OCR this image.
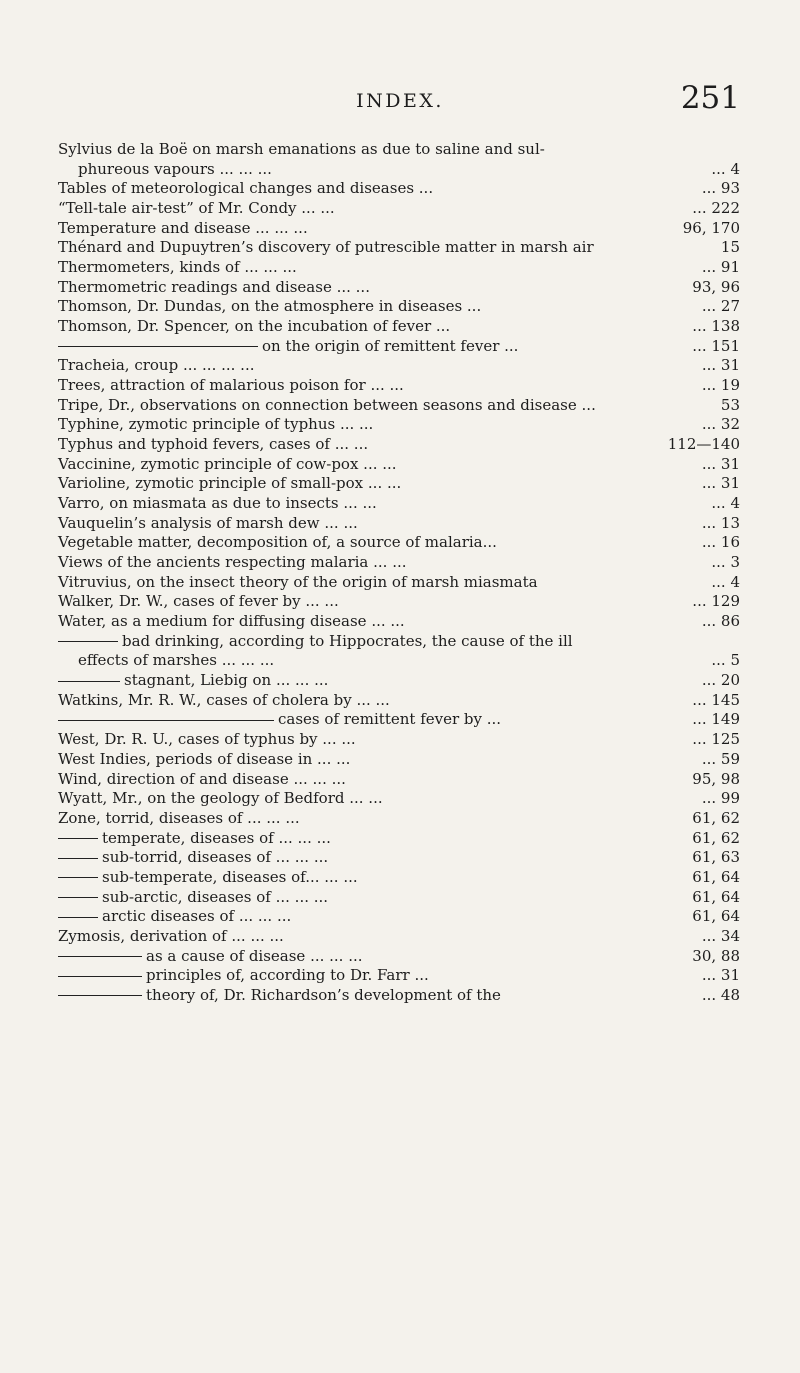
INDEX.	251
Sylvius de la Boë on marsh emanations as due to saline and sul-
phureous vapours ... ... ...	... 4
Tables of meteorological changes and diseases ...	... 93
“Tell-tale air-test” of Mr. Condy ... ...	... 222
Temperature and disease ... ... ...	96, 170
Thénard and Dupuytren’s discovery of putrescible matter in marsh air	15
Thermometers, kinds of ... ... ...	... 91
Thermometric readings and disease ... ...	93, 96
Thomson, Dr. Dundas, on the atmosphere in diseases ...	... 27
Thomson, Dr. Spencer, on the incubation of fever ...	... 138
on the origin of remittent fever ...	... 151
Tracheia, croup ... ... ... ...	... 31
Trees, attraction of malarious poison for ... ...	... 19
Tripe, Dr., observations on connection between seasons and disease ...	53
Typhine, zymotic principle of typhus ... ...	... 32
Typhus and typhoid fevers, cases of ... ...	112—140
Vaccinine, zymotic principle of cow-pox ... ...	... 31
Varioline, zymotic principle of small-pox ... ...	... 31
Varro, on miasmata as due to insects ... ...	... 4
Vauquelin’s analysis of marsh dew ... ...	... 13
Vegetable matter, decomposition of, a source of malaria...	... 16
Views of the ancients respecting malaria ... ...	... 3
Vitruvius, on the insect theory of the origin of marsh miasmata	... 4
Walker, Dr. W., cases of fever by ... ...	... 129
Water, as a medium for diffusing disease ... ...	... 86
bad drinking, according to Hippocrates, the cause of the ill
effects of marshes ... ... ...	... 5
stagnant, Liebig on ... ... ...	... 20
Watkins, Mr. R. W., cases of cholera by ... ...	... 145
cases of remittent fever by ...	... 149
West, Dr. R. U., cases of typhus by ... ...	... 125
West Indies, periods of disease in ... ...	... 59
Wind, direction of and disease ... ... ...	95, 98
Wyatt, Mr., on the geology of Bedford ... ...	... 99
Zone, torrid, diseases of ... ... ...	61, 62
temperate, diseases of ... ... ...	61, 62
sub-torrid, diseases of ... ... ...	61, 63
sub-temperate, diseases of... ... ...	61, 64
sub-arctic, diseases of ... ... ...	61, 64
arctic diseases of ... ... ...	61, 64
Zymosis, derivation of ... ... ...	... 34
as a cause of disease ... ... ...	30, 88
principles of, according to Dr. Farr ...	... 31
theory of, Dr. Richardson’s development of the	... 48
